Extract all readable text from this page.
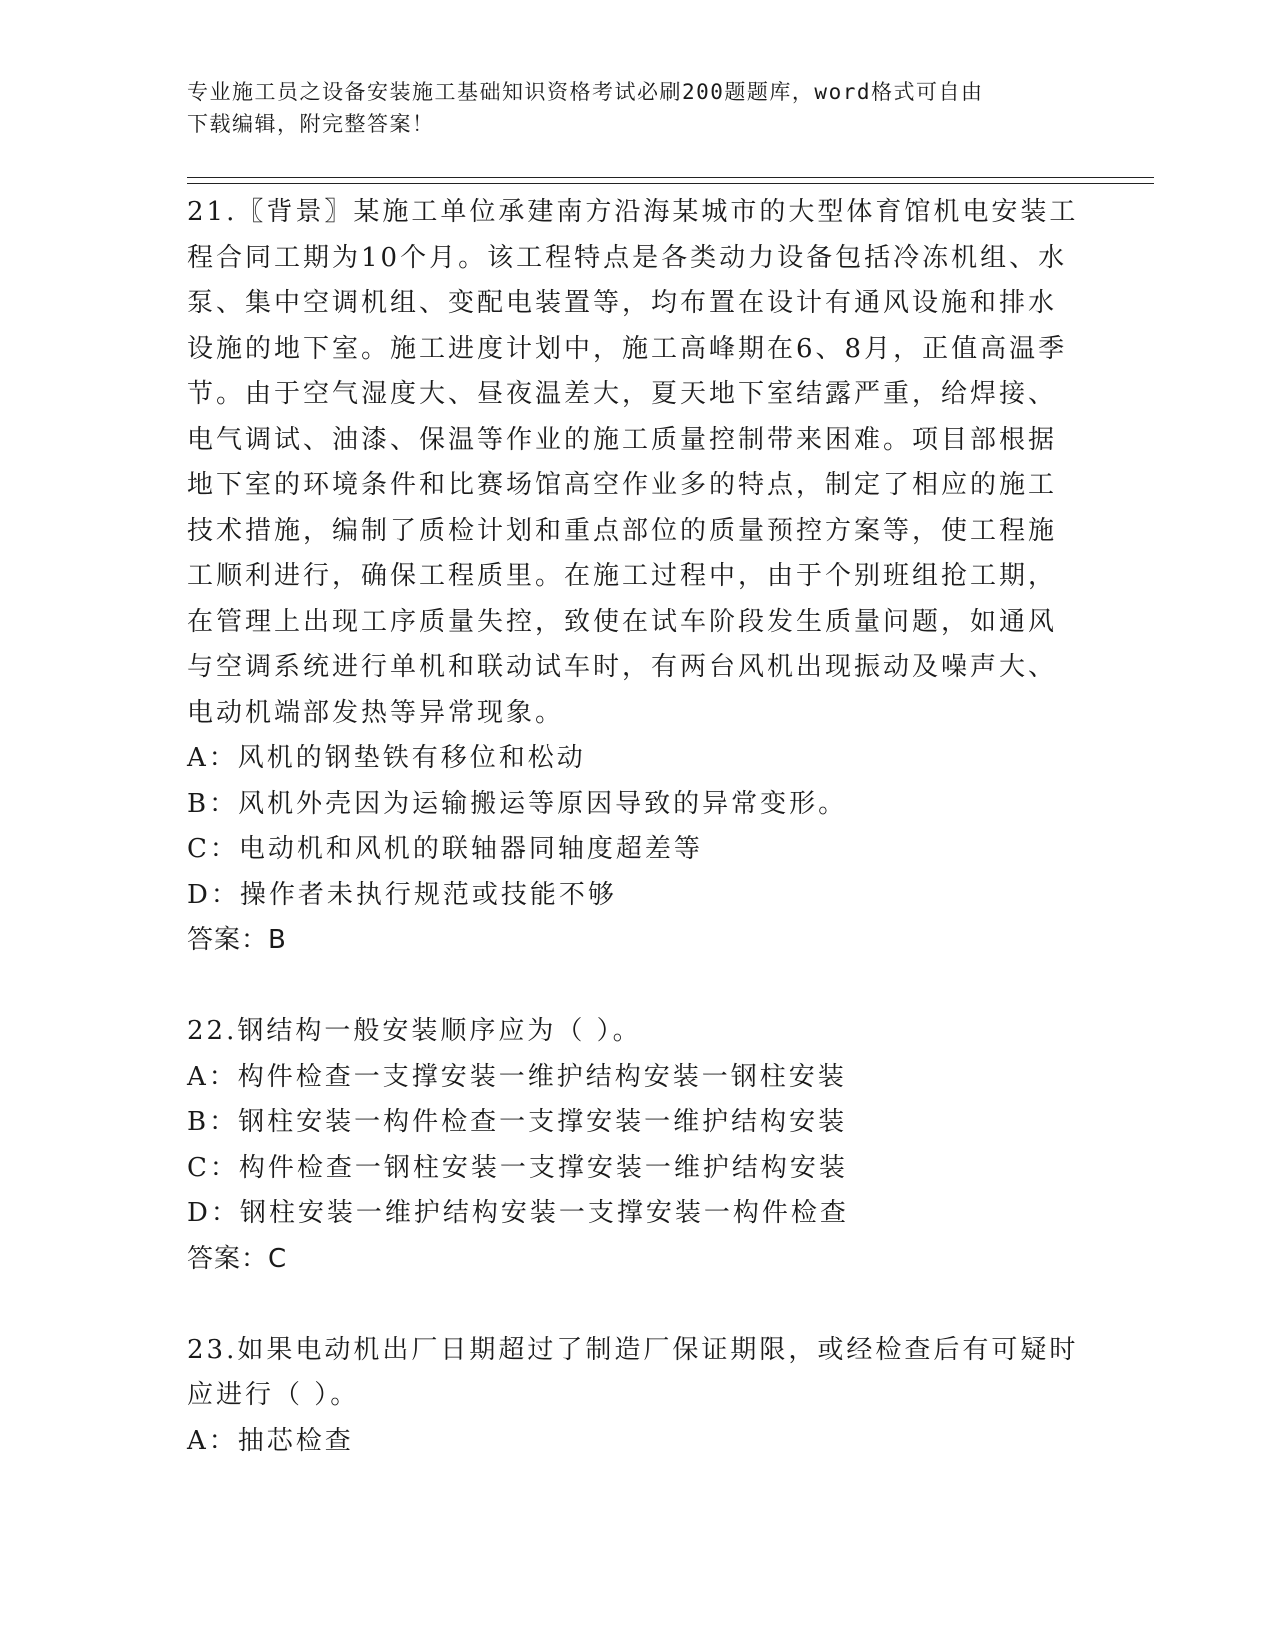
专业施工员之设备安装施工基础知识资格考试必刷200题题库，word格式可自由
下载编辑，附完整答案！
21.〖背景〗某施工单位承建南方沿海某城市的大型体育馆机电安装工
程合同工期为10个月。该工程特点是各类动力设备包括冷冻机组、水
泵、集中空调机组、变配电装置等，均布置在设计有通风设施和排水
设施的地下室。施工进度计划中，施工高峰期在6、8月，正值高温季
节。由于空气湿度大、昼夜温差大，夏天地下室结露严重，给焊接、
电气调试、油漆、保温等作业的施工质量控制带来困难。项目部根据
地下室的环境条件和比赛场馆高空作业多的特点，制定了相应的施工
技术措施，编制了质检计划和重点部位的质量预控方案等，使工程施
工顺利进行，确保工程质里。在施工过程中，由于个别班组抢工期，
在管理上出现工序质量失控，致使在试车阶段发生质量问题，如通风
与空调系统进行单机和联动试车时，有两台风机出现振动及噪声大、
电动机端部发热等异常现象。
A：风机的钢垫铁有移位和松动
B：风机外壳因为运输搬运等原因导致的异常变形。
C：电动机和风机的联轴器同轴度超差等
D：操作者未执行规范或技能不够
答案：B
22.钢结构一般安装顺序应为（ ）。
A：构件检查一支撑安装一维护结构安装一钢柱安装
B：钢柱安装一构件检查一支撑安装一维护结构安装
C：构件检查一钢柱安装一支撑安装一维护结构安装
D：钢柱安装一维护结构安装一支撑安装一构件检查
答案：C
23.如果电动机出厂日期超过了制造厂保证期限，或经检查后有可疑时
应进行（ ）。
A：抽芯检查
